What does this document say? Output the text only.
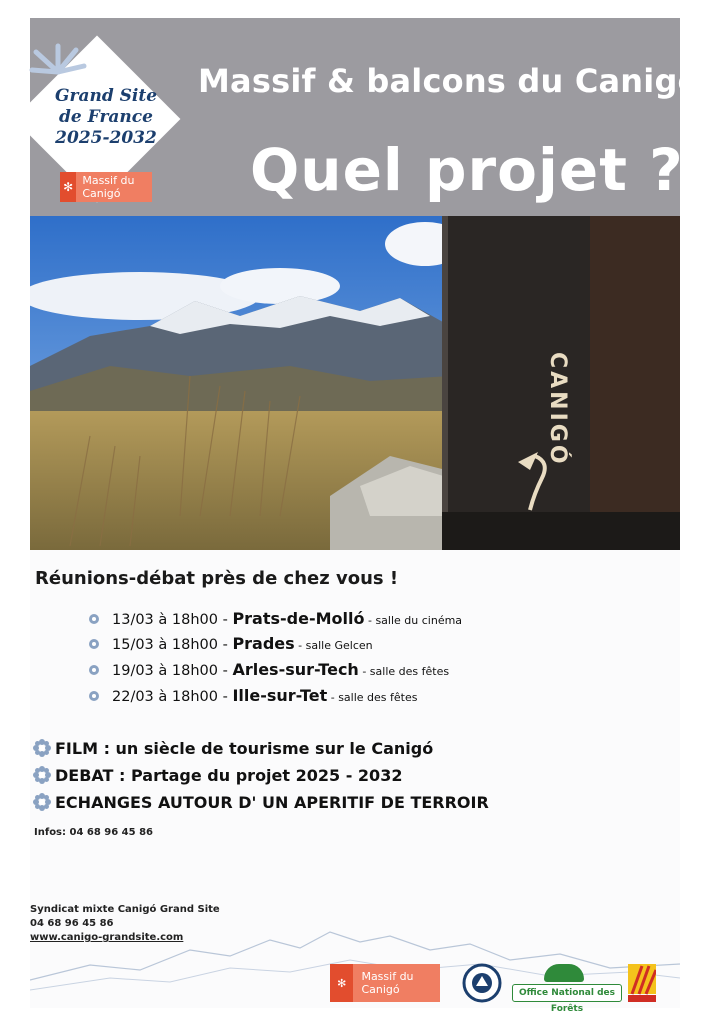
Massif & balcons du Canigó
Quel projet ?
Grand Site
de France
2025-2032
✻ Massif du Canigó
CANIGÓ
Réunions-débat près de chez vous !
13/03 à 18h00 - Prats-de-Molló - salle du cinéma
15/03 à 18h00 - Prades - salle Gelcen
19/03 à 18h00 - Arles-sur-Tech - salle des fêtes
22/03 à 18h00 - Ille-sur-Tet - salle des fêtes
FILM : un siècle de tourisme sur le Canigó
DEBAT : Partage du projet 2025 - 2032
ECHANGES AUTOUR D' UN APERITIF DE TERROIR
Infos: 04 68 96 45 86
Syndicat mixte Canigó Grand Site
04 68 96 45 86
www.canigo-grandsite.com
✻	Massif du Canigó	Office National des Forêts
